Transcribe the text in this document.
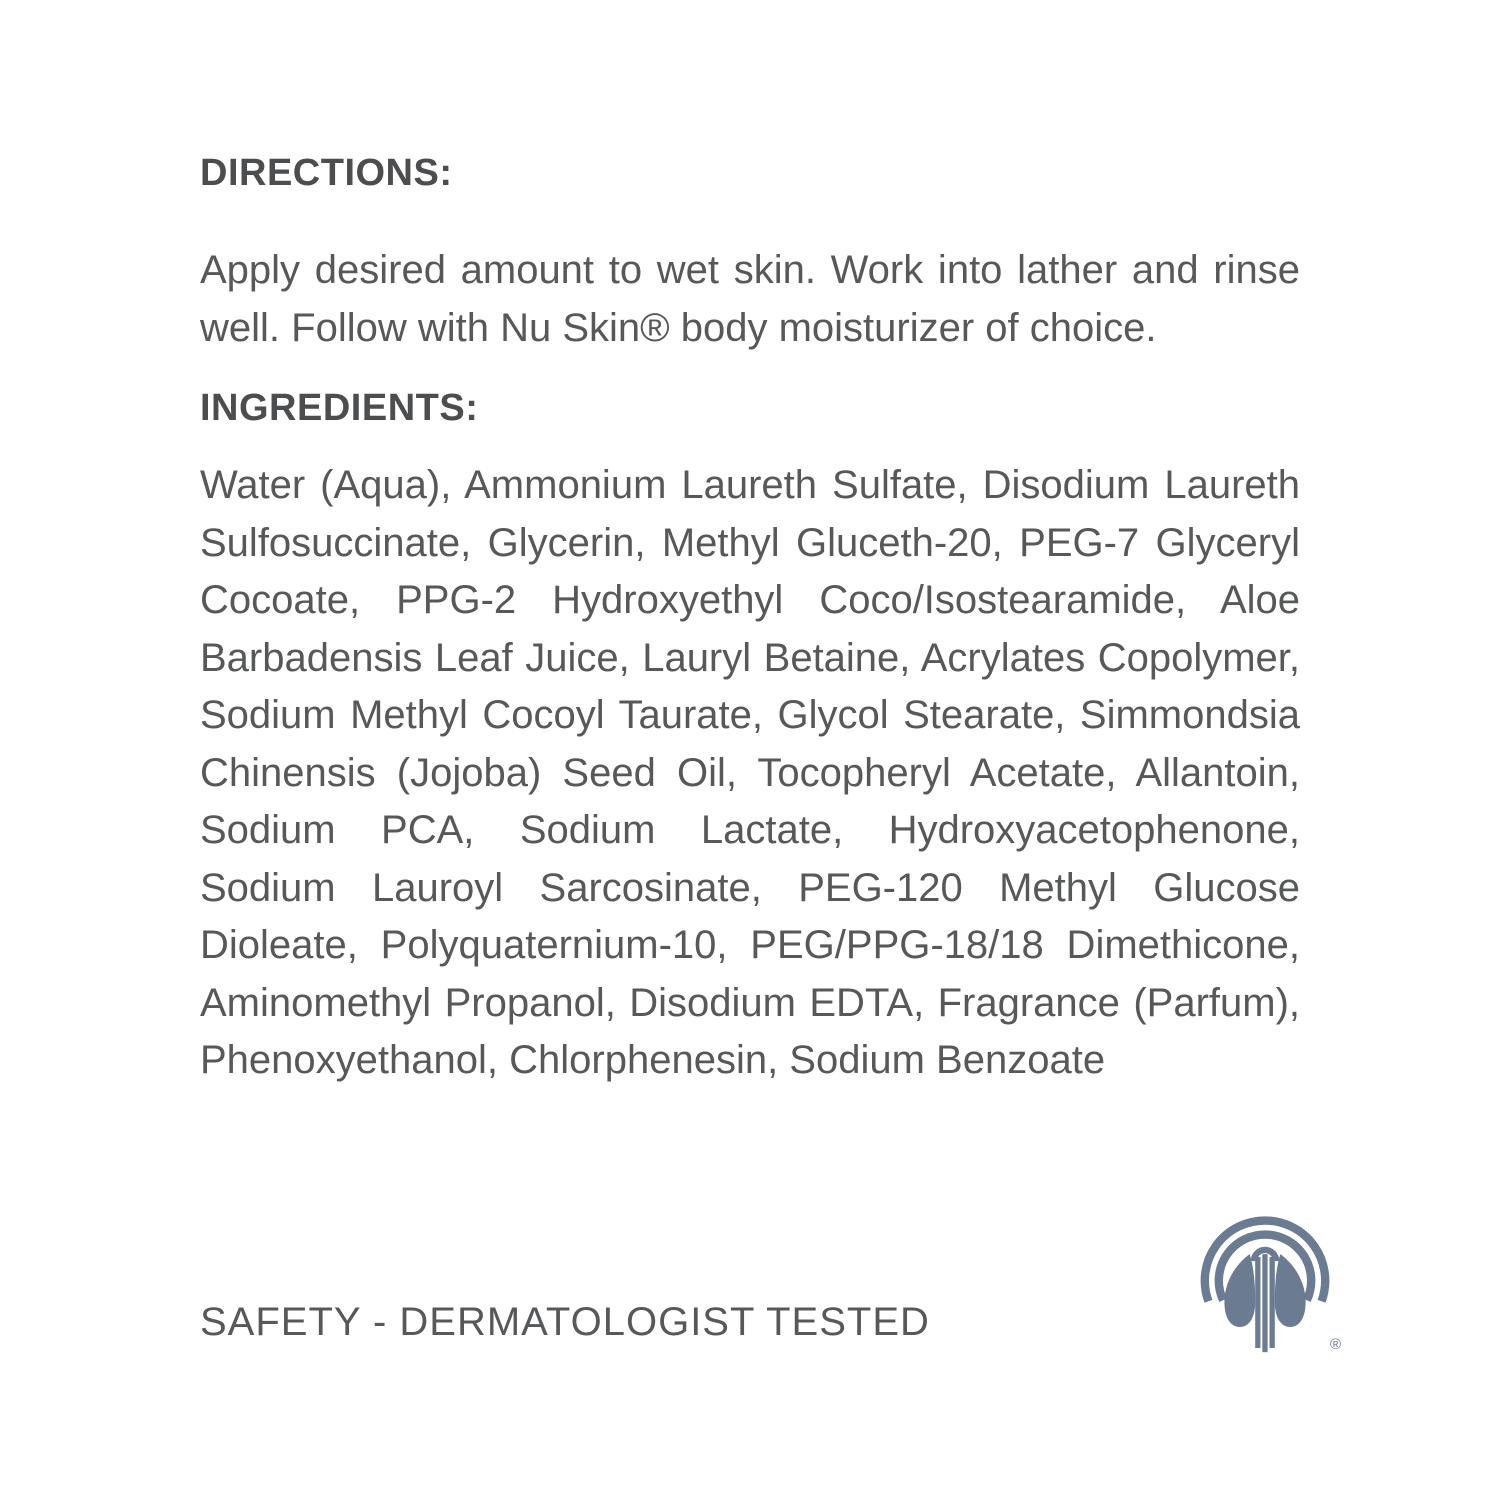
DIRECTIONS:

Apply desired amount to wet skin. Work into lather and rinse well. Follow with Nu Skin® body moisturizer of choice.

INGREDIENTS:

Water (Aqua), Ammonium Laureth Sulfate, Disodium Laureth Sulfosuccinate, Glycerin, Methyl Gluceth-20, PEG-7 Glyceryl Cocoate, PPG-2 Hydroxyethyl Coco/Isostearamide, Aloe Barbadensis Leaf Juice, Lauryl Betaine, Acrylates Copolymer, Sodium Methyl Cocoyl Taurate, Glycol Stearate, Simmondsia Chinensis (Jojoba) Seed Oil, Tocopheryl Acetate, Allantoin, Sodium PCA, Sodium Lactate, Hydroxyacetophenone, Sodium Lauroyl Sarcosinate, PEG-120 Methyl Glucose Dioleate, Polyquaternium-10, PEG/PPG-18/18 Dimethicone, Aminomethyl Propanol, Disodium EDTA, Fragrance (Parfum), Phenoxyethanol, Chlorphenesin, Sodium Benzoate

SAFETY - DERMATOLOGIST TESTED

®
